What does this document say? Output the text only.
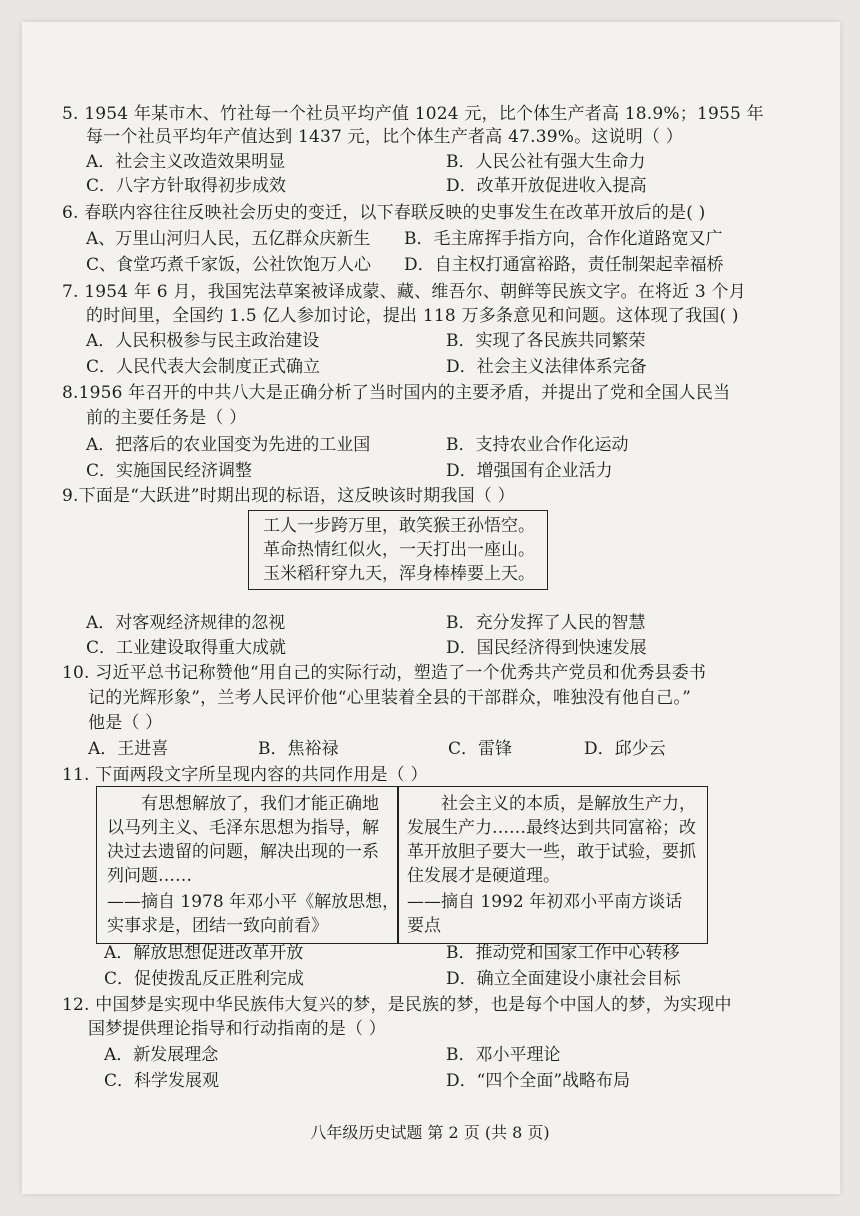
5. 1954 年某市木、竹社每一个社员平均产值 1024 元，比个体生产者高 18.9%；1955 年
每一个社员平均年产值达到 1437 元，比个体生产者高 47.39%。这说明（ ）
A．社会主义改造效果明显	B．人民公社有强大生命力
C．八字方针取得初步成效	D．改革开放促进收入提高
6. 春联内容往往反映社会历史的变迁，以下春联反映的史事发生在改革开放后的是( )
A、万里山河归人民，五亿群众庆新生 B．毛主席挥手指方向，合作化道路宽又广
C、食堂巧煮千家饭，公社饮饱万人心 D．自主权打通富裕路，责任制架起幸福桥
7. 1954 年 6 月，我国宪法草案被译成蒙、藏、维吾尔、朝鲜等民族文字。在将近 3 个月
的时间里，全国约 1.5 亿人参加讨论，提出 118 万多条意见和问题。这体现了我国( )
A．人民积极参与民主政治建设	B．实现了各民族共同繁荣
C．人民代表大会制度正式确立	D．社会主义法律体系完备
8.1956 年召开的中共八大是正确分析了当时国内的主要矛盾，并提出了党和全国人民当
前的主要任务是（ ）
A．把落后的农业国变为先进的工业国	B．支持农业合作化运动
C．实施国民经济调整	D．增强国有企业活力
9.下面是“大跃进”时期出现的标语，这反映该时期我国（ ）
工人一步跨万里，敢笑猴王孙悟空。
革命热情红似火，一天打出一座山。
玉米稻秆穿九天，浑身棒棒要上天。
A．对客观经济规律的忽视	B．充分发挥了人民的智慧
C．工业建设取得重大成就	D．国民经济得到快速发展
10. 习近平总书记称赞他“用自己的实际行动，塑造了一个优秀共产党员和优秀县委书
记的光辉形象”，兰考人民评价他“心里装着全县的干部群众，唯独没有他自己。”
他是（ ）
A．王进喜	B．焦裕禄	C．雷锋	D．邱少云
11. 下面两段文字所呈现内容的共同作用是（ ）
有思想解放了，我们才能正确地
以马列主义、毛泽东思想为指导，解
决过去遗留的问题，解决出现的一系
列问题……
——摘自 1978 年邓小平《解放思想，
实事求是，团结一致向前看》
社会主义的本质，是解放生产力，
发展生产力……最终达到共同富裕；改
革开放胆子要大一些，敢于试验，要抓
住发展才是硬道理。
——摘自 1992 年初邓小平南方谈话
要点
A．解放思想促进改革开放	B．推动党和国家工作中心转移
C．促使拨乱反正胜利完成	D．确立全面建设小康社会目标
12. 中国梦是实现中华民族伟大复兴的梦，是民族的梦，也是每个中国人的梦，为实现中
国梦提供理论指导和行动指南的是（ ）
A．新发展理念	B．邓小平理论
C．科学发展观	D．“四个全面”战略布局
八年级历史试题 第 2 页 (共 8 页)
